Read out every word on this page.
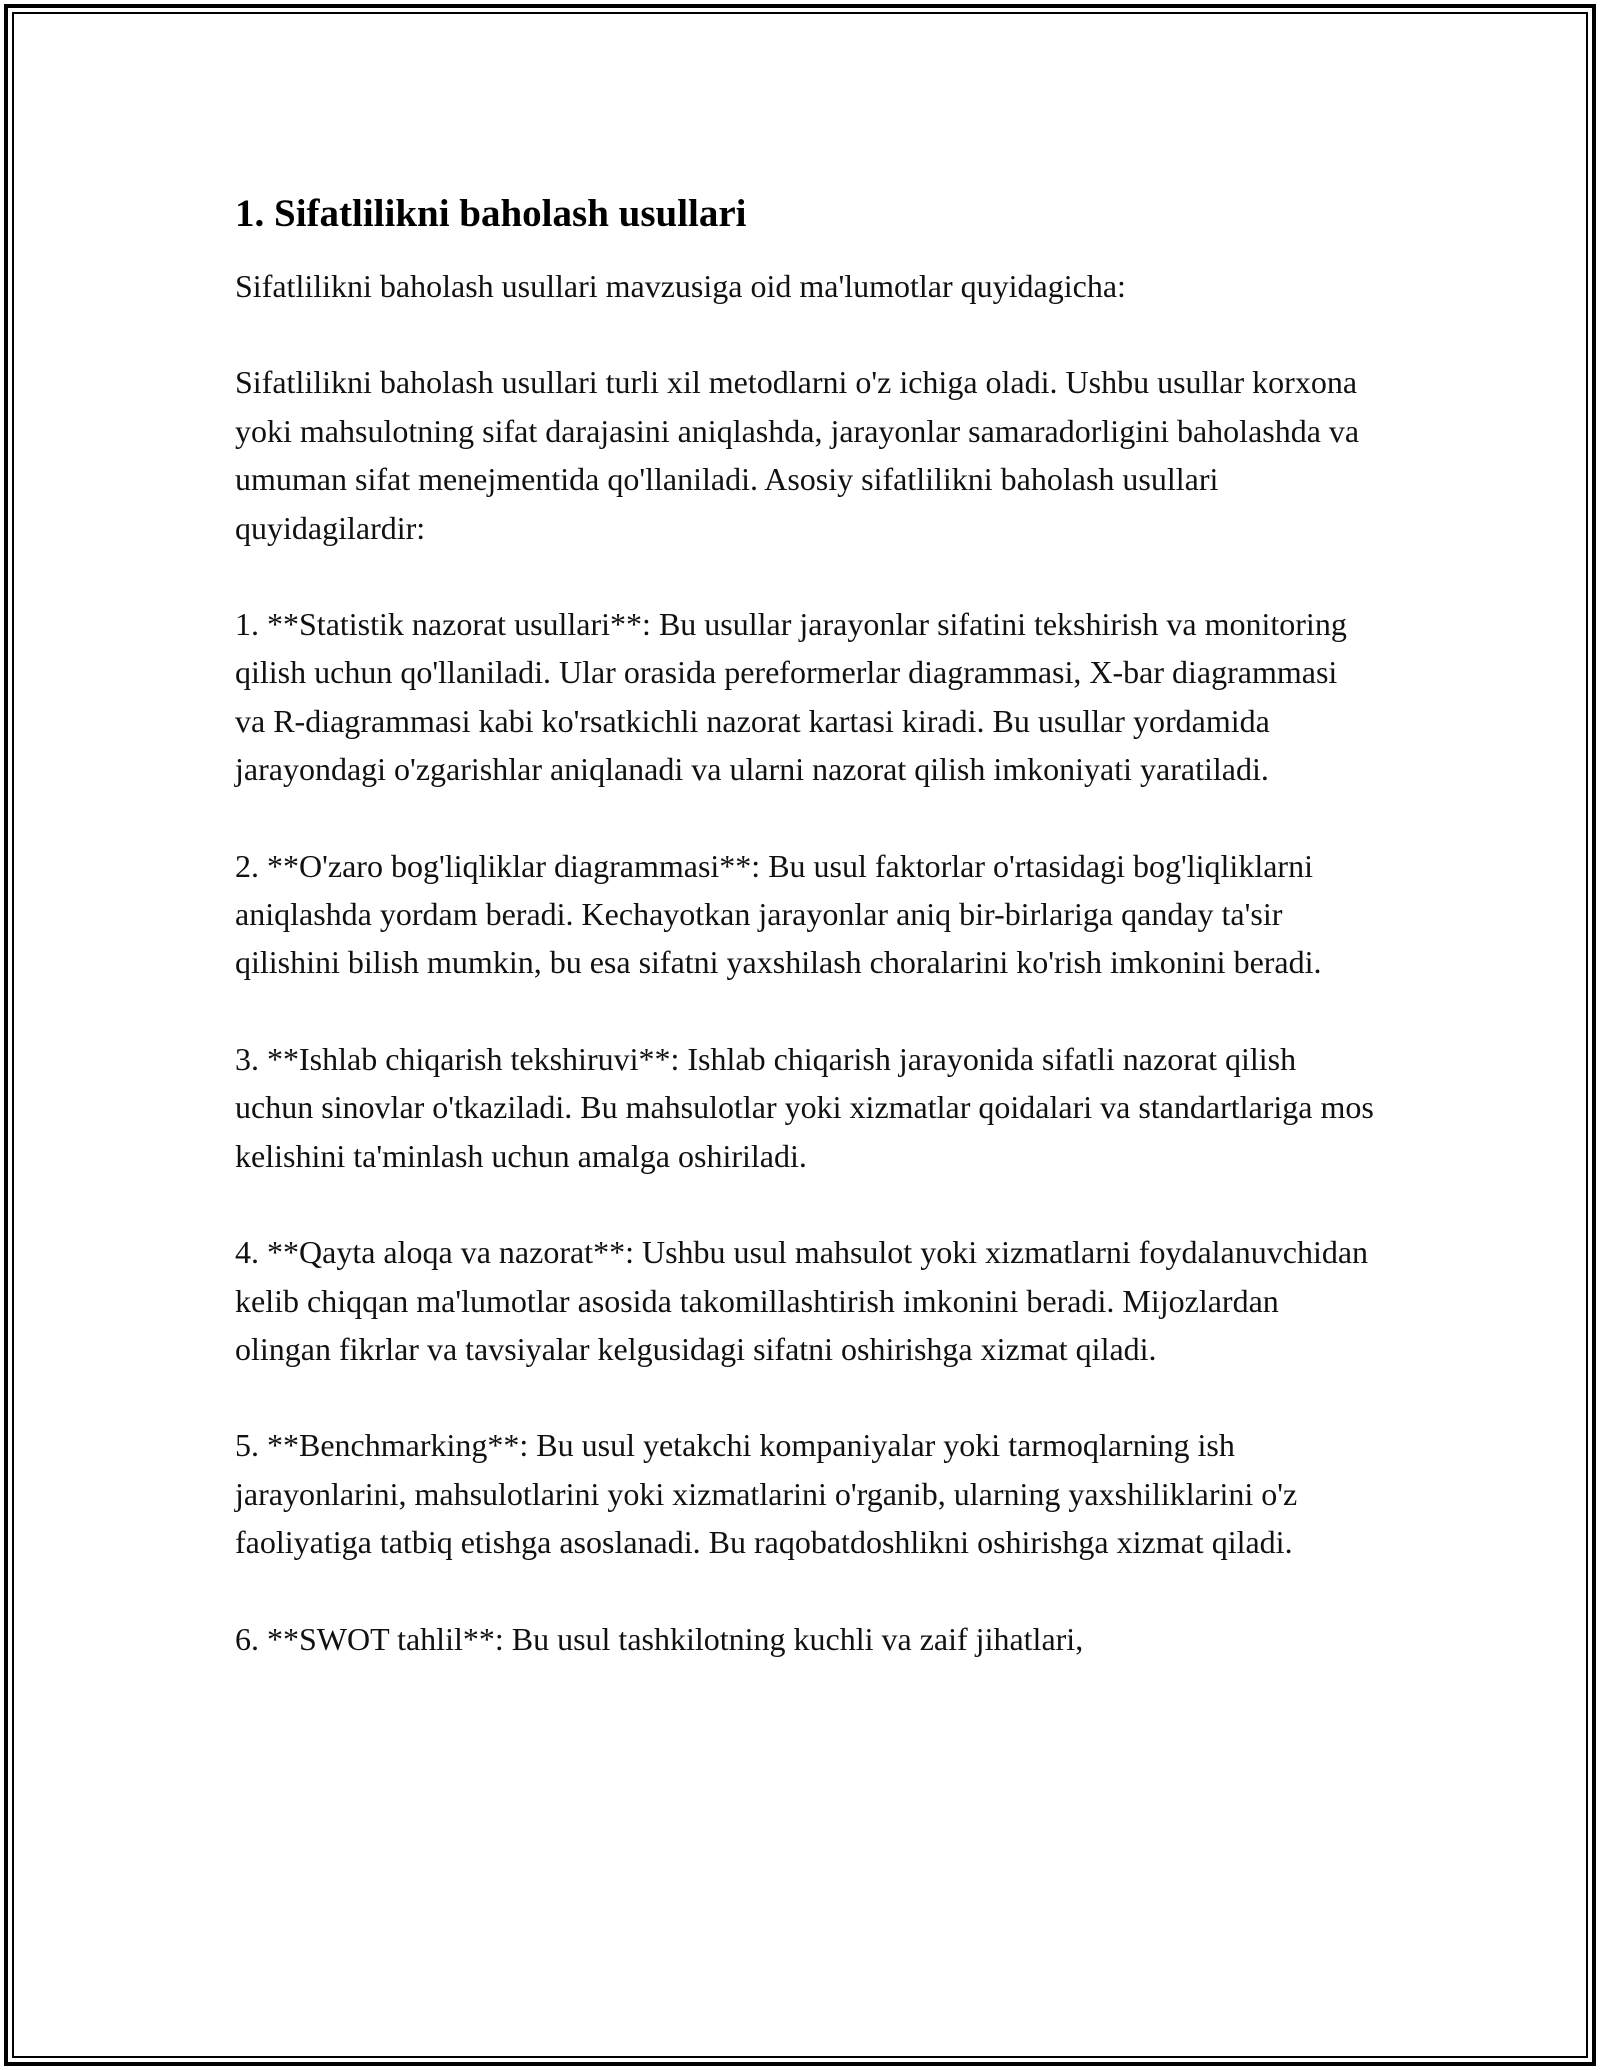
1. Sifatlilikni baholash usullari

Sifatlilikni baholash usullari mavzusiga oid ma'lumotlar quyidagicha:

Sifatlilikni baholash usullari turli xil metodlarni o'z ichiga oladi. Ushbu usullar korxona yoki mahsulotning sifat darajasini aniqlashda, jarayonlar samaradorligini baholashda va umuman sifat menejmentida qo'llaniladi. Asosiy sifatlilikni baholash usullari quyidagilardir:

1. **Statistik nazorat usullari**: Bu usullar jarayonlar sifatini tekshirish va monitoring qilish uchun qo'llaniladi. Ular orasida pereformerlar diagrammasi, X-bar diagrammasi va R-diagrammasi kabi ko'rsatkichli nazorat kartasi kiradi. Bu usullar yordamida jarayondagi o'zgarishlar aniqlanadi va ularni nazorat qilish imkoniyati yaratiladi.

2. **O'zaro bog'liqliklar diagrammasi**: Bu usul faktorlar o'rtasidagi bog'liqliklarni aniqlashda yordam beradi. Kechayotkan jarayonlar aniq bir-birlariga qanday ta'sir qilishini bilish mumkin, bu esa sifatni yaxshilash choralarini ko'rish imkonini beradi.

3. **Ishlab chiqarish tekshiruvi**: Ishlab chiqarish jarayonida sifatli nazorat qilish uchun sinovlar o'tkaziladi. Bu mahsulotlar yoki xizmatlar qoidalari va standartlariga mos kelishini ta'minlash uchun amalga oshiriladi.

4. **Qayta aloqa va nazorat**: Ushbu usul mahsulot yoki xizmatlarni foydalanuvchidan kelib chiqqan ma'lumotlar asosida takomillashtirish imkonini beradi. Mijozlardan olingan fikrlar va tavsiyalar kelgusidagi sifatni oshirishga xizmat qiladi.

5. **Benchmarking**: Bu usul yetakchi kompaniyalar yoki tarmoqlarning ish jarayonlarini, mahsulotlarini yoki xizmatlarini o'rganib, ularning yaxshiliklarini o'z faoliyatiga tatbiq etishga asoslanadi. Bu raqobatdoshlikni oshirishga xizmat qiladi.

6. **SWOT tahlil**: Bu usul tashkilotning kuchli va zaif jihatlari,
